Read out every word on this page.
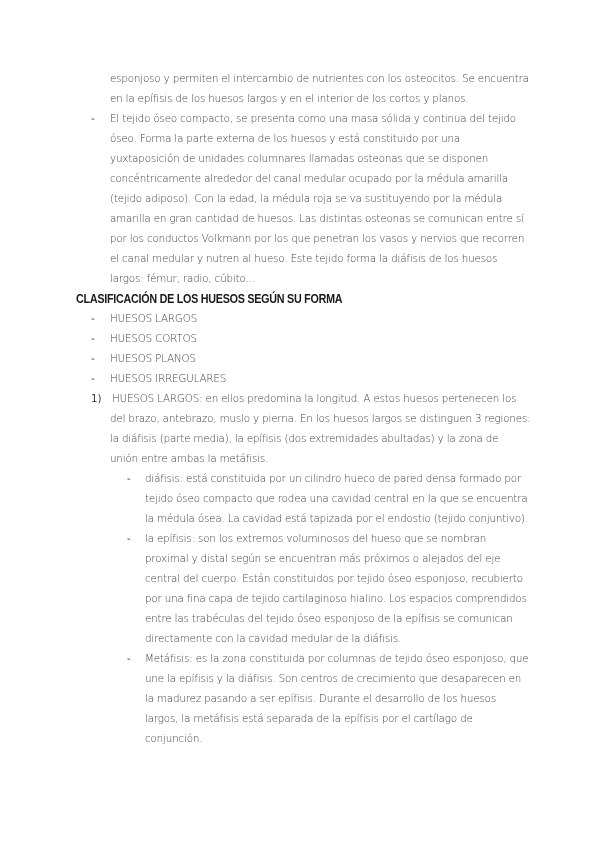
esponjoso y permiten el intercambio de nutrientes con los osteocitos. Se encuentra
en la epífisis de los huesos largos y en el interior de los cortos y planos.
- El tejido óseo compacto, se presenta como una masa sólida y continua del tejido
óseo. Forma la parte externa de los huesos y está constituido por una
yuxtaposición de unidades columnares llamadas osteonas que se disponen
concéntricamente alrededor del canal medular ocupado por la médula amarilla
(tejido adiposo). Con la edad, la médula roja se va sustituyendo por la médula
amarilla en gran cantidad de huesos. Las distintas osteonas se comunican entre sí
por los conductos Volkmann por los que penetran los vasos y nervios que recorren
el canal medular y nutren al hueso. Este tejido forma la diáfisis de los huesos
largos: fémur, radio, cúbito...
CLASIFICACIÓN DE LOS HUESOS SEGÚN SU FORMA
- HUESOS LARGOS
- HUESOS CORTOS
- HUESOS PLANOS
- HUESOS IRREGULARES
1) HUESOS LARGOS: en ellos predomina la longitud. A estos huesos pertenecen los
del brazo, antebrazo, muslo y pierna. En los huesos largos se distinguen 3 regiones:
la diáfisis (parte media), la epífisis (dos extremidades abultadas) y la zona de
unión entre ambas la metáfisis.
- diáfisis: está constituida por un cilindro hueco de pared densa formado por
tejido óseo compacto que rodea una cavidad central en la que se encuentra
la médula ósea. La cavidad está tapizada por el endostio (tejido conjuntivo).
- la epífisis: son los extremos voluminosos del hueso que se nombran
proximal y distal según se encuentran más próximos o alejados del eje
central del cuerpo. Están constituidos por tejido óseo esponjoso, recubierto
por una fina capa de tejido cartilaginoso hialino. Los espacios comprendidos
entre las trabéculas del tejido óseo esponjoso de la epífisis se comunican
directamente con la cavidad medular de la diáfisis.
- Metáfisis: es la zona constituida por columnas de tejido óseo esponjoso, que
une la epífisis y la diáfisis. Son centros de crecimiento que desaparecen en
la madurez pasando a ser epífisis. Durante el desarrollo de los huesos
largos, la metáfisis está separada de la epífisis por el cartílago de
conjunción.
